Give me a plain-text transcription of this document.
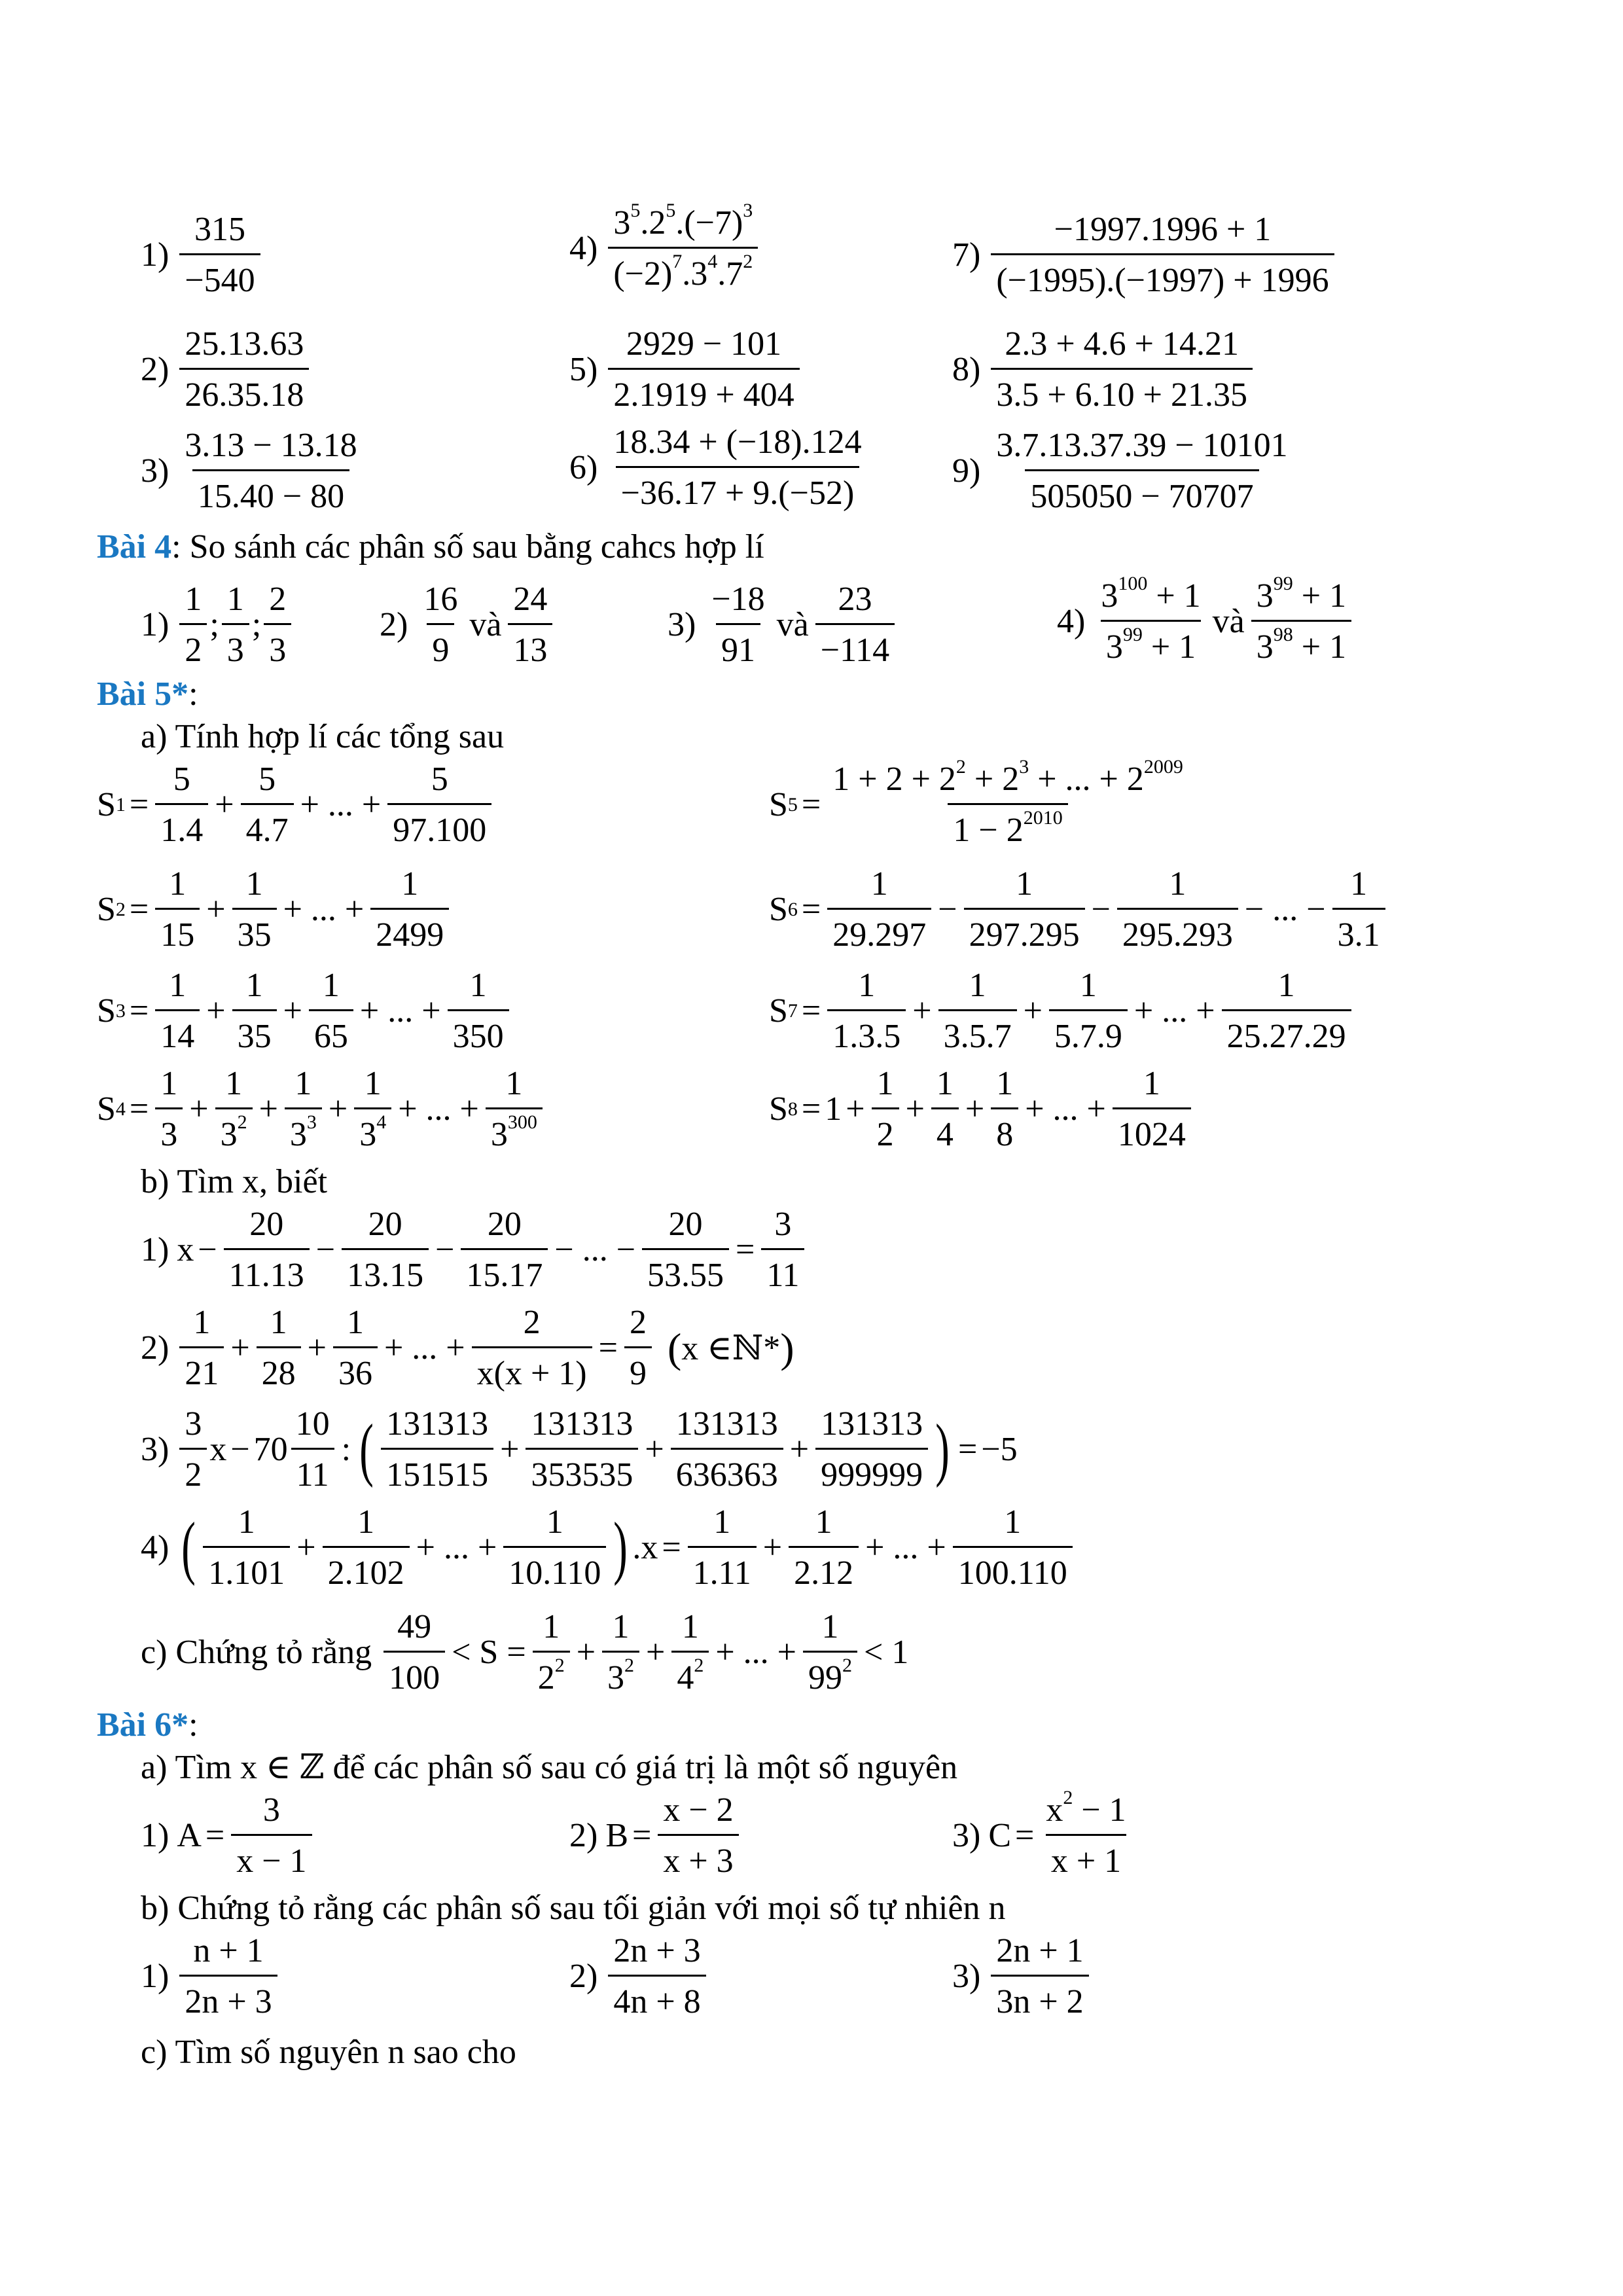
$1) \frac{315}{-540}$
$2) \frac{25.13.63}{26.35.18}$
$3) \frac{3.13 - 13.18}{15.40 - 80}$
$4) \frac{3^5.2^5.(-7)^3}{(-2)^7.3^4.7^2}$
$5) \frac{2929 - 101}{2.1919 + 404}$
$6) \frac{18.34 + (-18).124}{-36.17 + 9.(-52)}$
$7) \frac{-1997.1996 + 1}{(-1995).(-1997) + 1996}$
$8) \frac{2.3 + 4.6 + 14.21}{3.5 + 6.10 + 21.35}$
$9) \frac{3.7.13.37.39 - 10101}{505050 - 70707}$
Bài 4: So sánh các phân số sau bằng cahcs hợp lí
$1) \frac{1}{2}$ ; $\frac{1}{3}$ ; $\frac{2}{3}$	$2) \frac{16}{9}$ và $\frac{24}{13}$	$3) \frac{-18}{91}$ và $\frac{23}{-114}$	$4) \frac{3^{100} + 1}{3^{99} + 1}$ và $\frac{3^{99} + 1}{3^{98} + 1}$
Bài 5*:
a) Tính hợp lí các tổng sau
S $1 = \frac{5}{1.4} + \frac{5}{4.7}$ + ... + $\frac{5}{97.100}$
S $2 = \frac{1}{15} + \frac{1}{35}$ + ... + $\frac{1}{2499}$
S $3 = \frac{1}{14} + \frac{1}{35} + \frac{1}{65}$ + ... + $\frac{1}{350}$
S $4 = \frac{1}{3} + \frac{1}{3^2} + \frac{1}{3^3} + \frac{1}{3^4}$ + ... + $\frac{1}{3^{300}}$
S $5 = \frac{1 + 2 + 2^2 + 2^3 + ... + 2^{2009}}{1 - 2^{2010}}$
S $6 = \frac{1}{29.297} - \frac{1}{297.295} - \frac{1}{295.293}$ − ... − $\frac{1}{3.1}$
S $7 = \frac{1}{1.3.5} + \frac{1}{3.5.7} + \frac{1}{5.7.9}$ + ... + $\frac{1}{25.27.29}$
S $8 = 1 + \frac{1}{2} + \frac{1}{4} + \frac{1}{8}$ + ... + $\frac{1}{1024}$
b) Tìm x, biết
1) $x - \frac{20}{11.13} - \frac{20}{13.15} - \frac{20}{15.17}$ − ... − $\frac{20}{53.55} = \frac{3}{11}$
$2) \frac{1}{21} + \frac{1}{28} + \frac{1}{36}$ + ... + $\frac{2}{x(x + 1)} = \frac{2}{9}$ ( x ∈ ℕ * )
$3) \frac{3}{2}$ $x - 70 \frac{10}{11}$ : ( $\frac{131313}{151515} + \frac{131313}{353535} + \frac{131313}{636363} + \frac{131313}{999999}$ ) = −5
4) ( $\frac{1}{1.101} + \frac{1}{2.102}$ + ... + $\frac{1}{10.110}$ ) $.x = \frac{1}{1.11} + \frac{1}{2.12}$ + ... + $\frac{1}{100.110}$
c) Chứng tỏ rằng $\frac{49}{100} < S = \frac{1}{2^2} + \frac{1}{3^2} + \frac{1}{4^2}$ + ... + $\frac{1}{99^2} < 1$
Bài 6*:
a) Tìm x ∈ ℤ để các phân số sau có giá trị là một số nguyên
1) $A = \frac{3}{x - 1}$	2) $B = \frac{x - 2}{x + 3}$	3) $C = \frac{x^2 - 1}{x + 1}$
b) Chứng tỏ rằng các phân số sau tối giản với mọi số tự nhiên n
$1) \frac{n + 1}{2n + 3}$	$2) \frac{2n + 3}{4n + 8}$	$3) \frac{2n + 1}{3n + 2}$
c) Tìm số nguyên n sao cho
